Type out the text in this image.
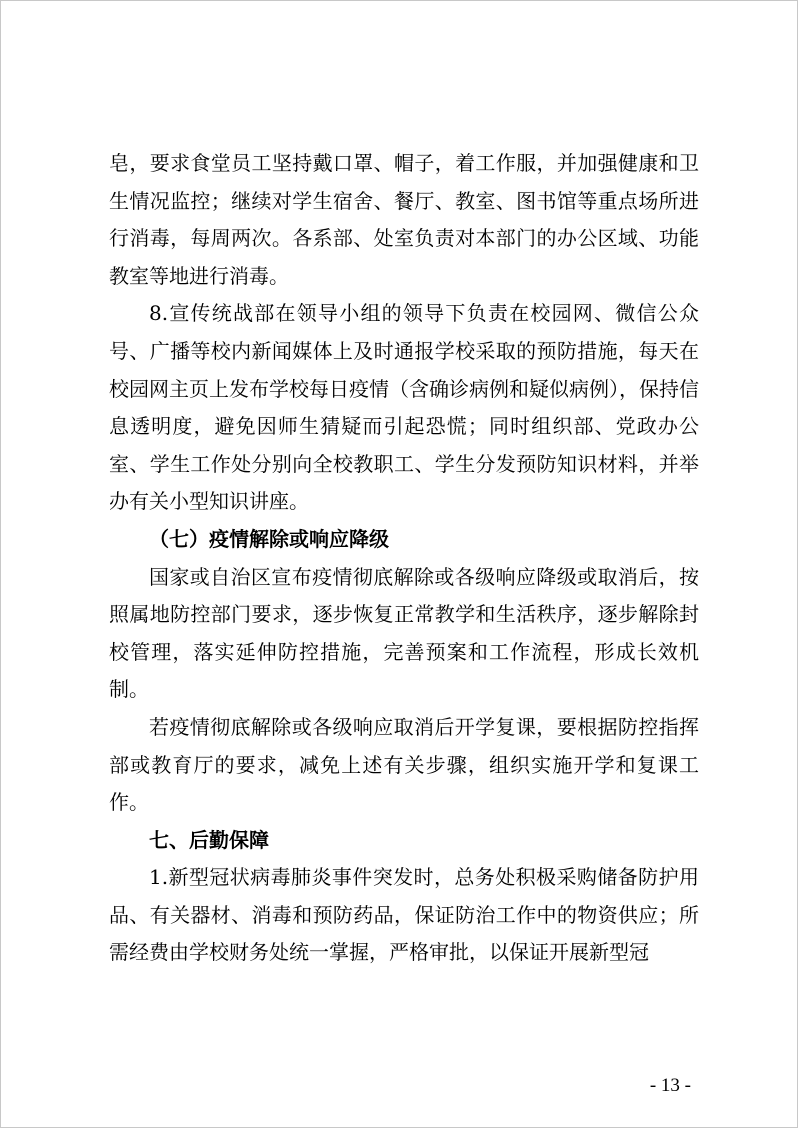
皂，要求食堂员工坚持戴口罩、帽子，着工作服，并加强健康和卫生情况监控；继续对学生宿舍、餐厅、教室、图书馆等重点场所进行消毒，每周两次。各系部、处室负责对本部门的办公区域、功能教室等地进行消毒。

8.宣传统战部在领导小组的领导下负责在校园网、微信公众号、广播等校内新闻媒体上及时通报学校采取的预防措施，每天在校园网主页上发布学校每日疫情（含确诊病例和疑似病例），保持信息透明度，避免因师生猜疑而引起恐慌；同时组织部、党政办公室、学生工作处分别向全校教职工、学生分发预防知识材料，并举办有关小型知识讲座。

（七）疫情解除或响应降级

国家或自治区宣布疫情彻底解除或各级响应降级或取消后，按照属地防控部门要求，逐步恢复正常教学和生活秩序，逐步解除封校管理，落实延伸防控措施，完善预案和工作流程，形成长效机制。

若疫情彻底解除或各级响应取消后开学复课，要根据防控指挥部或教育厅的要求，减免上述有关步骤，组织实施开学和复课工作。

七、后勤保障

1.新型冠状病毒肺炎事件突发时，总务处积极采购储备防护用品、有关器材、消毒和预防药品，保证防治工作中的物资供应；所需经费由学校财务处统一掌握，严格审批，以保证开展新型冠

- 13 -
